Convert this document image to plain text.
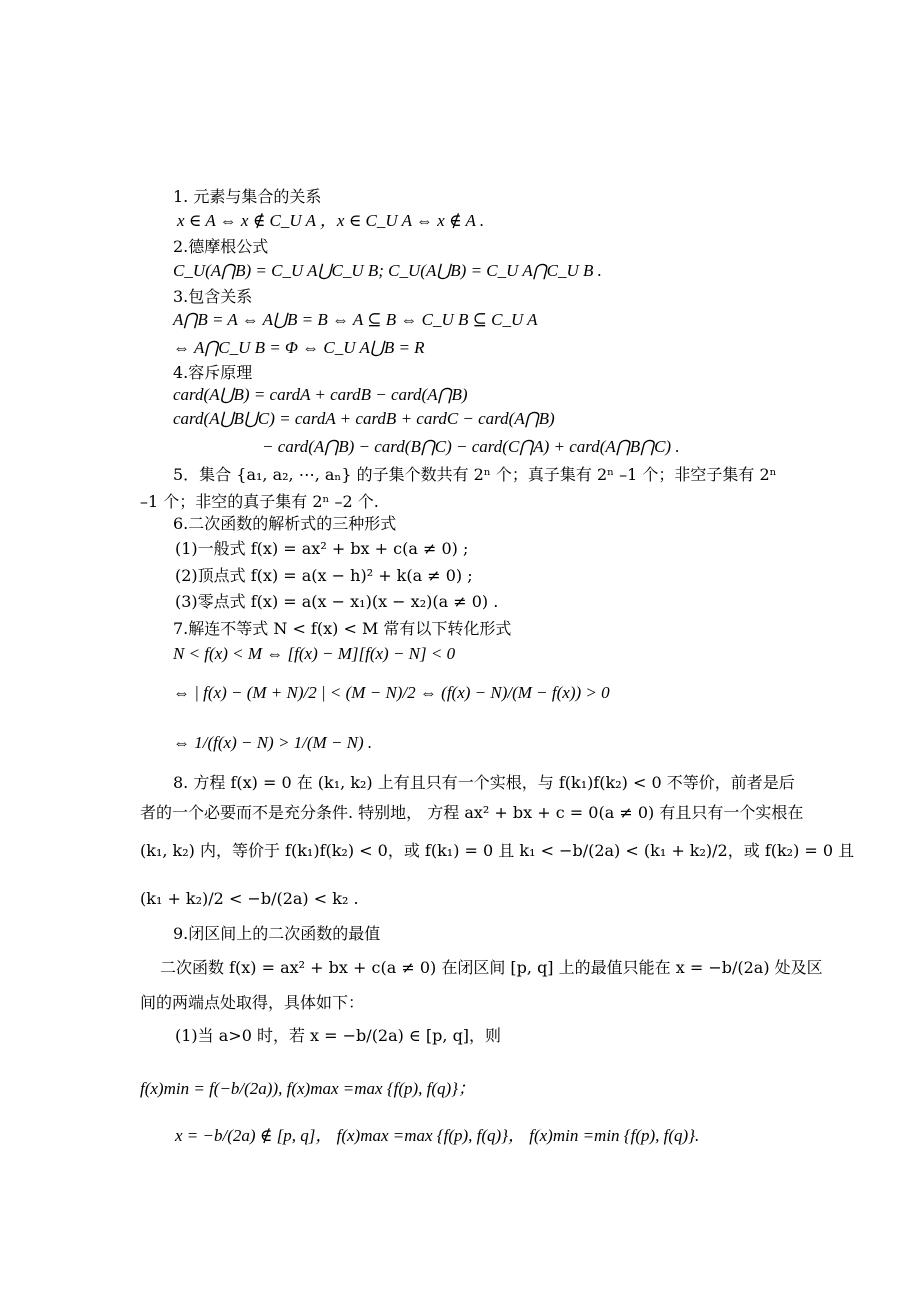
1. 元素与集合的关系
x ∈ A ⇔ x ∉ C_U A ，x ∈ C_U A ⇔ x ∉ A .
2.德摩根公式
C_U(A⋂B) = C_U A⋃C_U B; C_U(A⋃B) = C_U A⋂C_U B .
3.包含关系
A⋂B = A ⇔ A⋃B = B ⇔ A ⊆ B ⇔ C_U B ⊆ C_U A
⇔ A⋂C_U B = Φ ⇔ C_U A⋃B = R
4.容斥原理
card(A⋃B) = cardA + cardB − card(A⋂B)
card(A⋃B⋃C) = cardA + cardB + cardC − card(A⋂B)
− card(A⋂B) − card(B⋂C) − card(C⋂A) + card(A⋂B⋂C) .
5．集合 {a₁, a₂, ⋯, aₙ} 的子集个数共有 2ⁿ 个；真子集有 2ⁿ –1 个；非空子集有 2ⁿ
–1 个；非空的真子集有 2ⁿ –2 个.
6.二次函数的解析式的三种形式
(1)一般式 f(x) = ax² + bx + c(a ≠ 0) ;
(2)顶点式 f(x) = a(x − h)² + k(a ≠ 0) ;
(3)零点式 f(x) = a(x − x₁)(x − x₂)(a ≠ 0) .
7.解连不等式 N < f(x) < M 常有以下转化形式
N < f(x) < M ⇔ [f(x) − M][f(x) − N] < 0
⇔ | f(x) − (M + N)/2 | < (M − N)/2 ⇔ (f(x) − N)/(M − f(x)) > 0
⇔ 1/(f(x) − N) > 1/(M − N) .
8. 方程 f(x) = 0 在 (k₁, k₂) 上有且只有一个实根，与 f(k₁)f(k₂) < 0 不等价，前者是后
者的一个必要而不是充分条件. 特别地， 方程 ax² + bx + c = 0(a ≠ 0) 有且只有一个实根在
(k₁, k₂) 内，等价于 f(k₁)f(k₂) < 0，或 f(k₁) = 0 且 k₁ < −b/(2a) < (k₁ + k₂)/2，或 f(k₂) = 0 且
(k₁ + k₂)/2 < −b/(2a) < k₂ .
9.闭区间上的二次函数的最值
二次函数 f(x) = ax² + bx + c(a ≠ 0) 在闭区间 [p, q] 上的最值只能在 x = −b/(2a) 处及区
间的两端点处取得，具体如下：
(1)当 a>0 时，若 x = −b/(2a) ∈ [p, q]，则
f(x)min = f(−b/(2a)), f(x)max =max {f(p), f(q)}；
x = −b/(2a) ∉ [p, q]， f(x)max =max {f(p), f(q)}， f(x)min =min {f(p), f(q)}.
